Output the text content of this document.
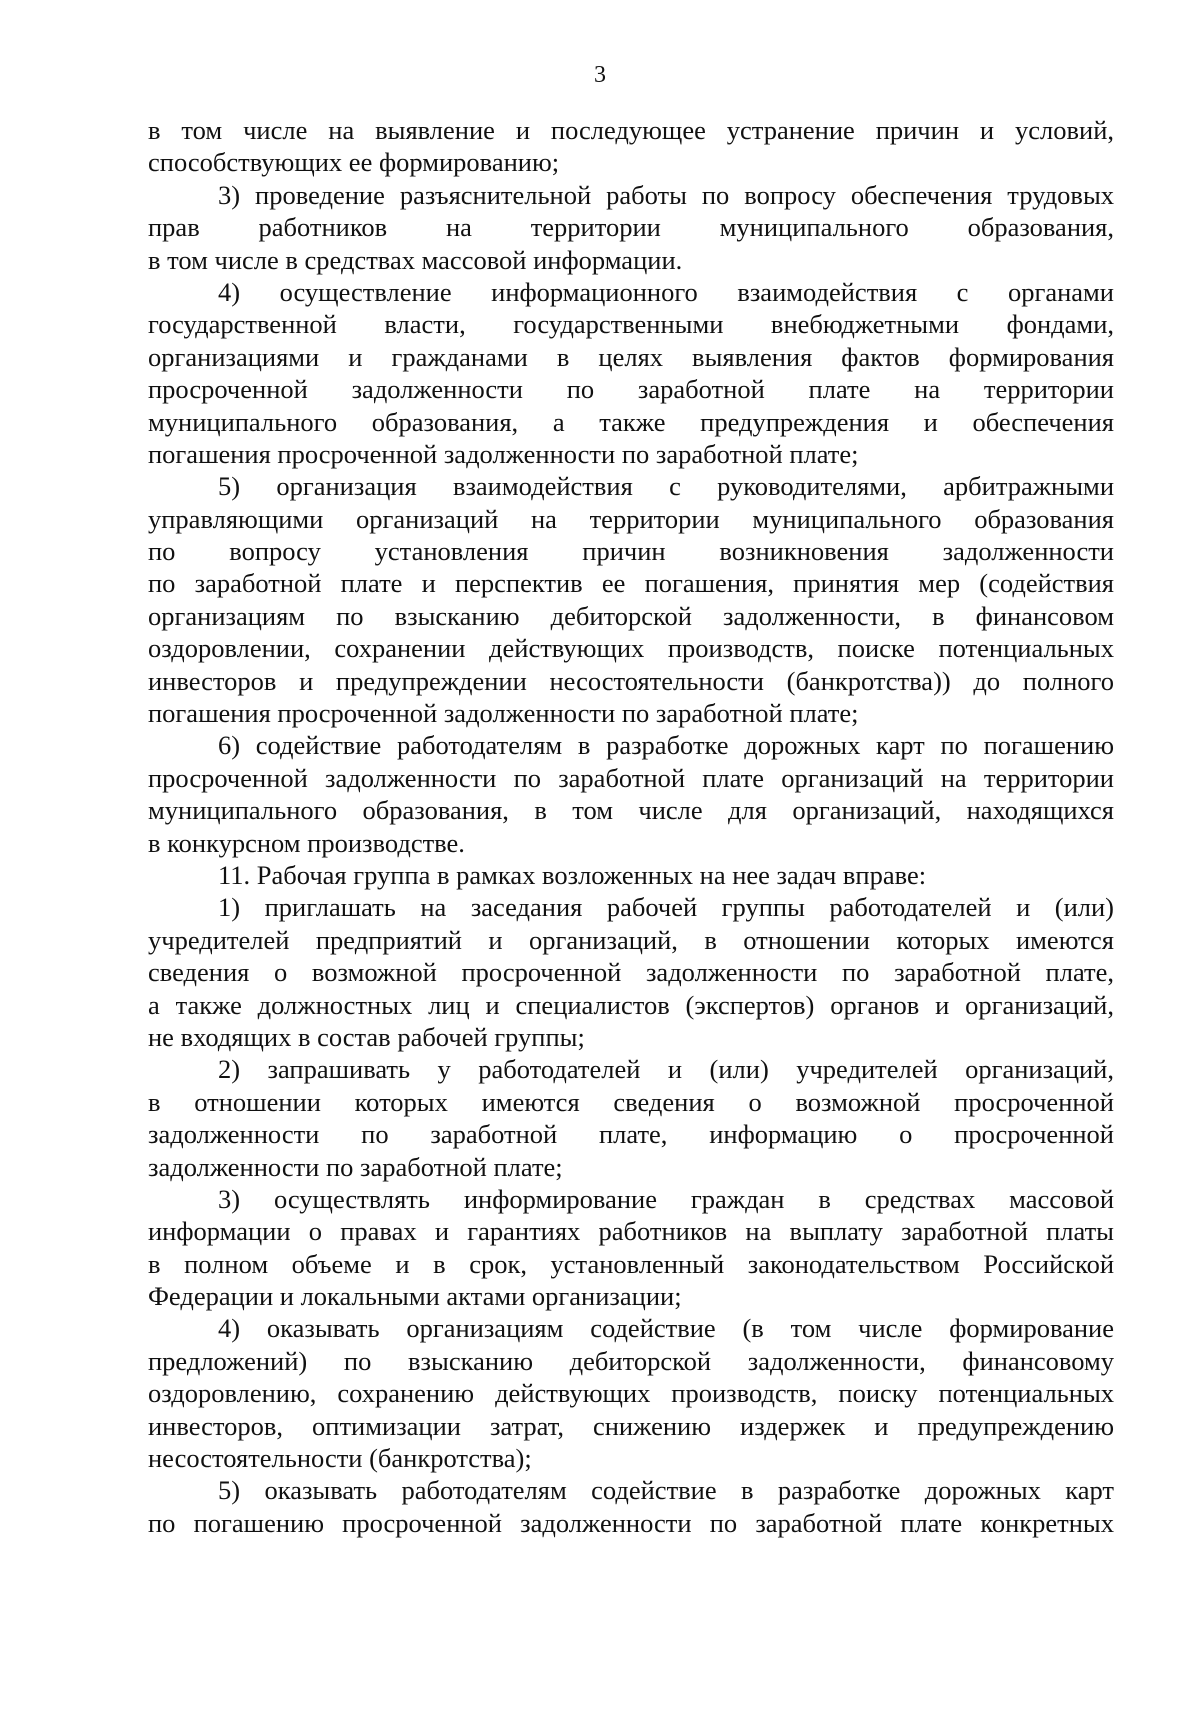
3
в том числе на выявление и последующее устранение причин и условий,
способствующих ее формированию;
3) проведение разъяснительной работы по вопросу обеспечения трудовых
прав работников на территории муниципального образования,
в том числе в средствах массовой информации.
4) осуществление информационного взаимодействия с органами
государственной власти, государственными внебюджетными фондами,
организациями и гражданами в целях выявления фактов формирования
просроченной задолженности по заработной плате на территории
муниципального образования, а также предупреждения и обеспечения
погашения просроченной задолженности по заработной плате;
5) организация взаимодействия с руководителями, арбитражными
управляющими организаций на территории муниципального образования
по вопросу установления причин возникновения задолженности
по заработной плате и перспектив ее погашения, принятия мер (содействия
организациям по взысканию дебиторской задолженности, в финансовом
оздоровлении, сохранении действующих производств, поиске потенциальных
инвесторов и предупреждении несостоятельности (банкротства)) до полного
погашения просроченной задолженности по заработной плате;
6) содействие работодателям в разработке дорожных карт по погашению
просроченной задолженности по заработной плате организаций на территории
муниципального образования, в том числе для организаций, находящихся
в конкурсном производстве.
11. Рабочая группа в рамках возложенных на нее задач вправе:
1) приглашать на заседания рабочей группы работодателей и (или)
учредителей предприятий и организаций, в отношении которых имеются
сведения о возможной просроченной задолженности по заработной плате,
а также должностных лиц и специалистов (экспертов) органов и организаций,
не входящих в состав рабочей группы;
2) запрашивать у работодателей и (или) учредителей организаций,
в отношении которых имеются сведения о возможной просроченной
задолженности по заработной плате, информацию о просроченной
задолженности по заработной плате;
3) осуществлять информирование граждан в средствах массовой
информации о правах и гарантиях работников на выплату заработной платы
в полном объеме и в срок, установленный законодательством Российской
Федерации и локальными актами организации;
4) оказывать организациям содействие (в том числе формирование
предложений) по взысканию дебиторской задолженности, финансовому
оздоровлению, сохранению действующих производств, поиску потенциальных
инвесторов, оптимизации затрат, снижению издержек и предупреждению
несостоятельности (банкротства);
5) оказывать работодателям содействие в разработке дорожных карт
по погашению просроченной задолженности по заработной плате конкретных
